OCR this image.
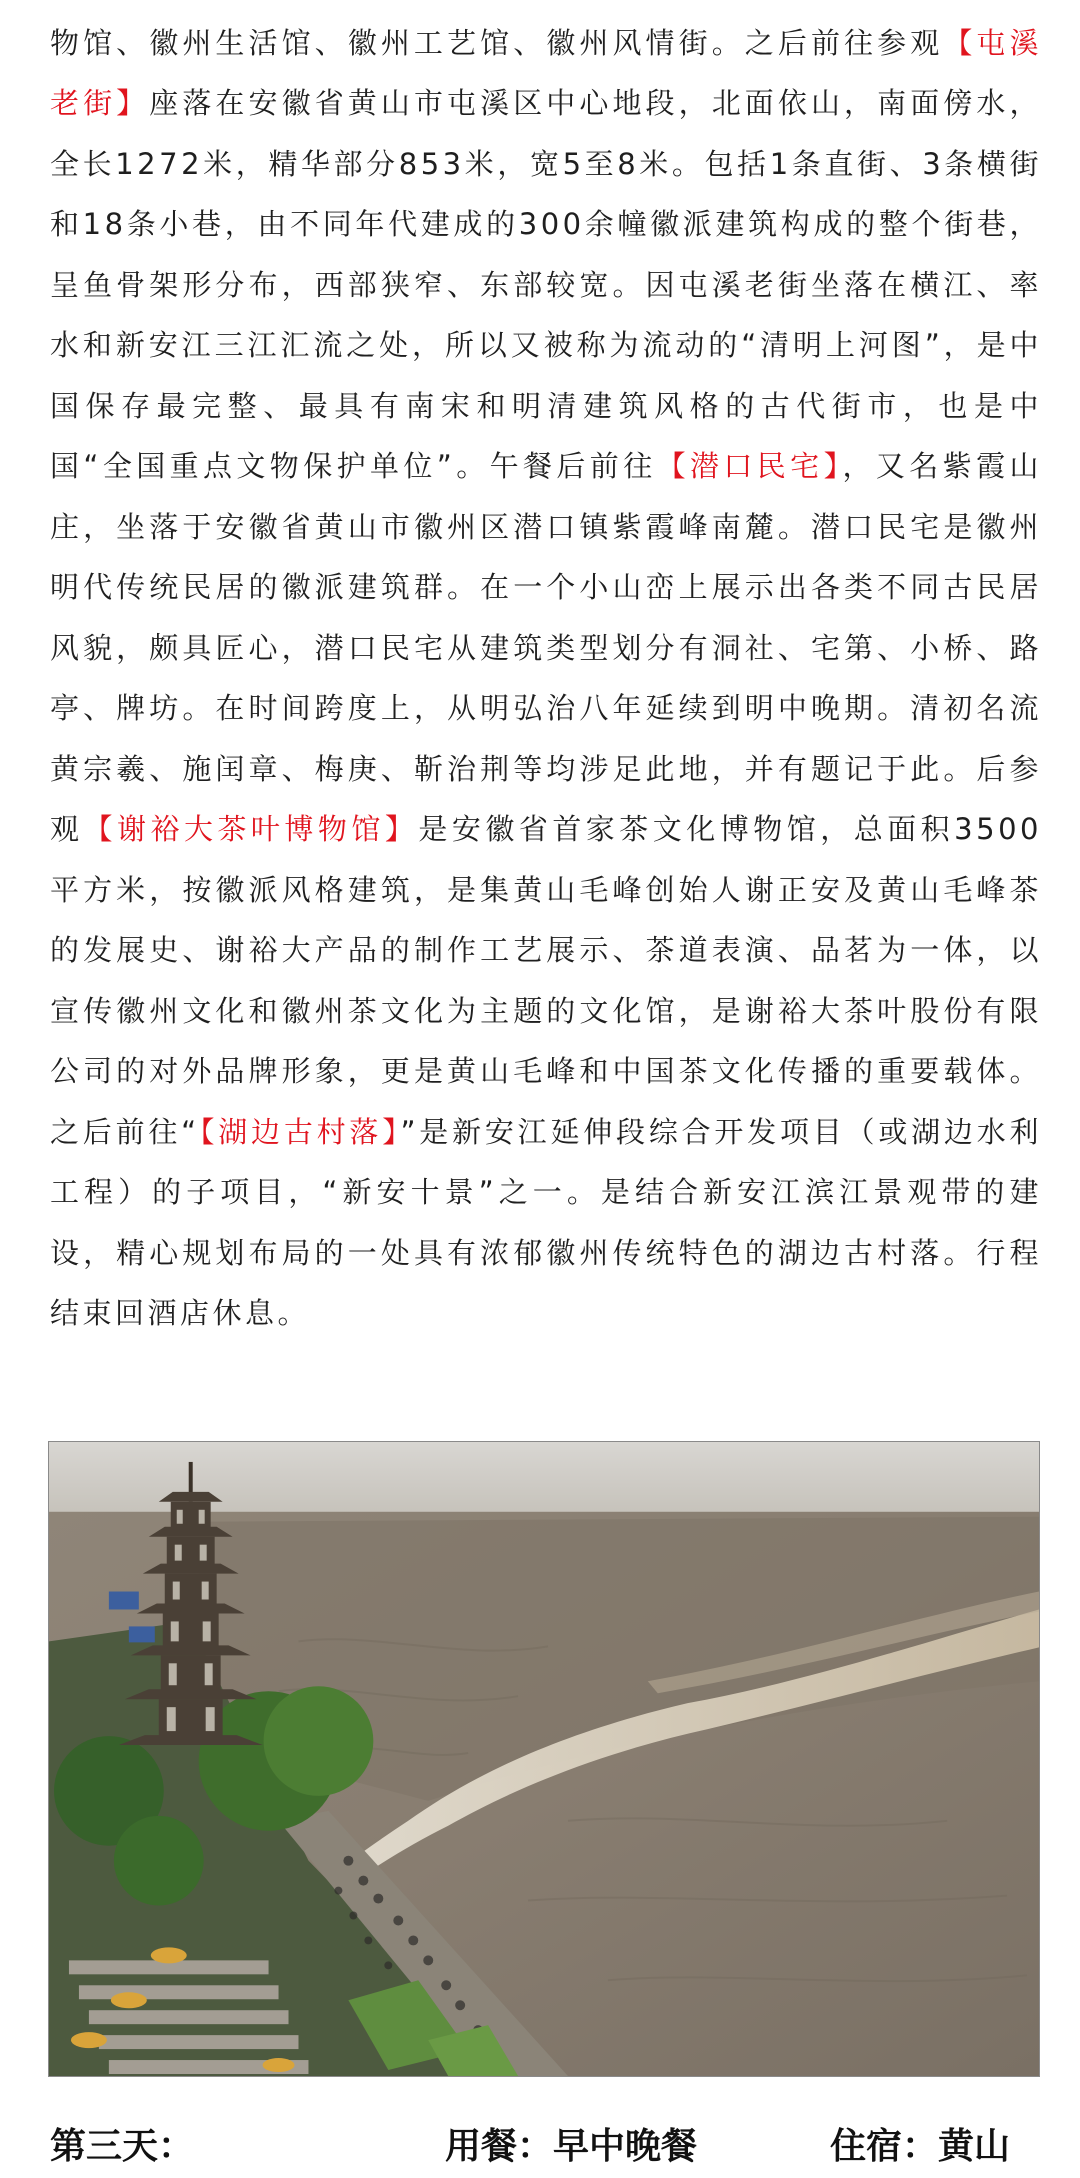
物馆、徽州生活馆、徽州工艺馆、徽州风情街。之后前往参观【屯溪老街】座落在安徽省黄山市屯溪区中心地段，北面依山，南面傍水，全长1272米，精华部分853米，宽5至8米。包括1条直街、3条横街和18条小巷，由不同年代建成的300余幢徽派建筑构成的整个街巷，呈鱼骨架形分布，西部狭窄、东部较宽。因屯溪老街坐落在横江、率水和新安江三江汇流之处，所以又被称为流动的“清明上河图”，是中国保存最完整、最具有南宋和明清建筑风格的古代街市，也是中国“全国重点文物保护单位”。午餐后前往【潜口民宅】，又名紫霞山庄，坐落于安徽省黄山市徽州区潜口镇紫霞峰南麓。潜口民宅是徽州明代传统民居的徽派建筑群。在一个小山峦上展示出各类不同古民居风貌，颇具匠心，潜口民宅从建筑类型划分有洞社、宅第、小桥、路亭、牌坊。在时间跨度上，从明弘治八年延续到明中晚期。清初名流黄宗羲、施闰章、梅庚、靳治荆等均涉足此地，并有题记于此。后参观【谢裕大茶叶博物馆】是安徽省首家茶文化博物馆，总面积3500平方米，按徽派风格建筑，是集黄山毛峰创始人谢正安及黄山毛峰茶的发展史、谢裕大产品的制作工艺展示、茶道表演、品茗为一体，以宣传徽州文化和徽州茶文化为主题的文化馆，是谢裕大茶叶股份有限公司的对外品牌形象，更是黄山毛峰和中国茶文化传播的重要载体。之后前往“【湖边古村落】”是新安江延伸段综合开发项目（或湖边水利工程）的子项目，“新安十景”之一。是结合新安江滨江景观带的建设，精心规划布局的一处具有浓郁徽州传统特色的湖边古村落。行程结束回酒店休息。
第三天：	用餐：早中晚餐	住宿：黄山
